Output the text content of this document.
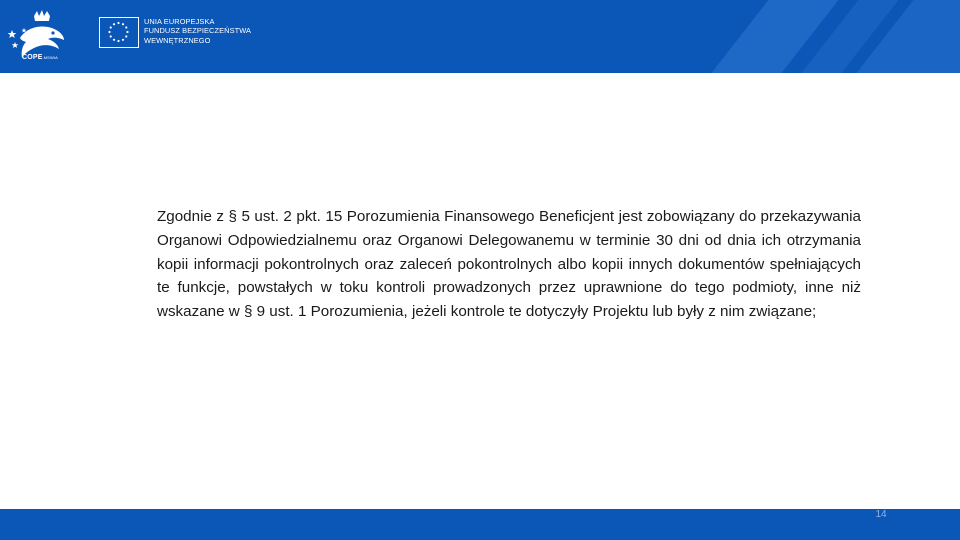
COPEMSWiA
UNIA EUROPEJSKA
FUNDUSZ BEZPIECZEŃSTWA
WEWNĘTRZNEGO
Zgodnie z § 5 ust. 2 pkt. 15 Porozumienia Finansowego Beneficjent jest zobowiązany do przekazywania Organowi Odpowiedzialnemu oraz Organowi Delegowanemu w terminie 30 dni od dnia ich otrzymania kopii informacji pokontrolnych oraz zaleceń pokontrolnych albo kopii innych dokumentów spełniających te funkcje, powstałych w toku kontroli prowadzonych przez uprawnione do tego podmioty, inne niż wskazane w § 9 ust. 1 Porozumienia, jeżeli kontrole te dotyczyły Projektu lub były z nim związane;
14
